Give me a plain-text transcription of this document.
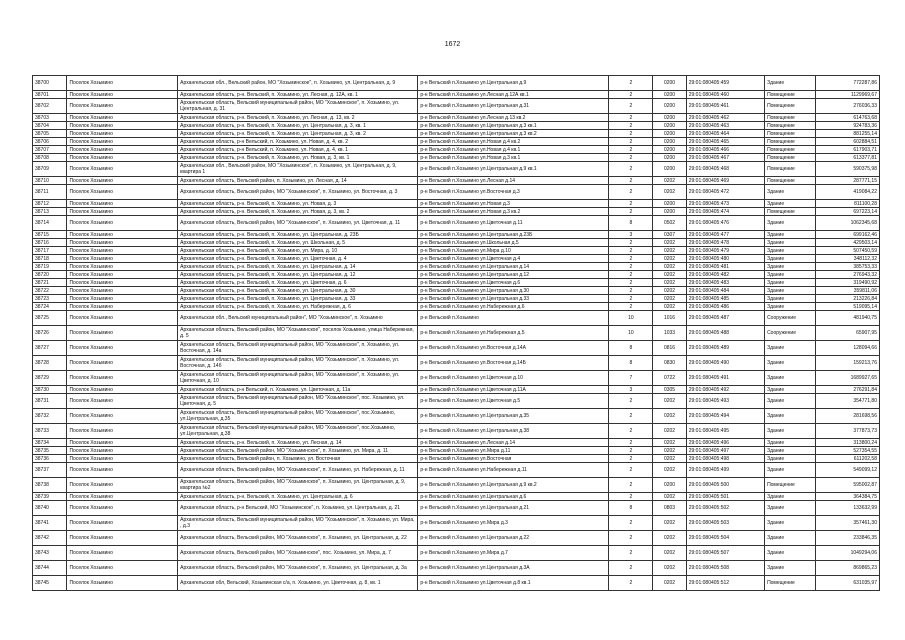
1672
38700	Поселок Хозьмино	Архангельская обл., Вельский район, МО "Хозьминское", п. Хозьмино, ул. Центральная, д. 9	р-н Вельский п.Хозьмино ул.Центральная д.9	2	0200	29:01:080405:459	Здание	772287,86
38701	Поселок Хозьмино	Архангельская область, р-н. Вельский, п. Хозьмино, ул. Лесная, д. 12А, кв. 1	р-н Вельский п.Хозьмино ул.Лесная д.12А кв.1	2	0200	29:01:080405:460	Помещение	1129969,67
38702	Поселок Хозьмино	Архангельская область, Вельский муниципальный район, МО "Хозьминское", п. Хозьмино, ул. Центральная, д. 31	р-н Вельский п.Хозьмино ул.Центральная д.31	2	0200	29:01:080405:461	Помещение	276036,33
38703	Поселок Хозьмино	Архангельская область, р-н. Вельский, п. Хозьмино, ул. Лесная, д. 13, кв. 2	р-н Вельский п.Хозьмино ул.Лесная д.13 кв.2	2	0200	29:01:080405:462	Помещение	614763,68
38704	Поселок Хозьмино	Архангельская область, р-н. Вельский, п. Хозьмино, ул. Центральная, д. 3, кв. 1	р-н Вельский п.Хозьмино ул.Центральная д.3 кв.1	2	0200	29:01:080405:463	Помещение	924783,36
38705	Поселок Хозьмино	Архангельская область, р-н. Вельский, п. Хозьмино, ул. Центральная, д. 3, кв. 2	р-н Вельский п.Хозьмино ул.Центральная д.3 кв.2	2	0200	29:01:080405:464	Помещение	881255,14
38706	Поселок Хозьмино	Архангельская область, р-н Вельский, п. Хозьмино, ул. Новая, д. 4, кв. 2	р-н Вельский п.Хозьмино ул.Новая д.4 кв.2	2	0200	29:01:080405:465	Помещение	602884,51
38707	Поселок Хозьмино	Архангельская область, р-н Вельский, п. Хозьмино, ул. Новая, д. 4, кв. 1	р-н Вельский п.Хозьмино ул.Новая д.4 кв.1	2	0200	29:01:080405:466	Помещение	617903,71
38708	Поселок Хозьмино	Архангельская область, р-н. Вельский, п. Хозьмино, ул. Новая, д. 3, кв. 1	р-н Вельский п.Хозьмино ул.Новая д.3 кв.1	2	0200	29:01:080405:467	Помещение	613377,81
38709	Поселок Хозьмино	Архангельская обл., Вельский район, МО "Хозьминское", п. Хозьмино, ул. Центральная, д. 9, квартира 1	р-н Вельский п.Хозьмино ул.Центральная д.9 кв.1	2	0200	29:01:080405:468	Помещение	590375,98
38710	Поселок Хозьмино	Архангельская область, Вельский район, п. Хозьмино, ул. Лесная, д. 14	р-н Вельский п.Хозьмино ул.Лесная д.14	2	0202	29:01:080405:469	Помещение	287771,15
38711	Поселок Хозьмино	Архангельская область, Вельский район, МО "Хозьминское", п. Хозьмино, ул. Восточная, д. 3	р-н Вельский п.Хозьмино ул.Восточная д.3	2	0202	29:01:080405:472	Здание	419084,22
38712	Поселок Хозьмино	Архангельская область, р-н. Вельский, п. Хозьмино, ул. Новая, д. 3	р-н Вельский п.Хозьмино ул.Новая д.3	2	0200	29:01:080405:473	Здание	811100,28
38713	Поселок Хозьмино	Архангельская область, р-н. Вельский, п. Хозьмино, ул. Новая, д. 3, кв. 2	р-н Вельский п.Хозьмино ул.Новая д.3 кв.2	2	0200	29:01:080405:474	Помещение	697223,14
38714	Поселок Хозьмино	Архангельская область, Вельский район, МО "Хозьминское", п. Хозьмино, ул. Цветочная, д. 11	р-н Вельский п.Хозьмино ул.Цветочная д.11	8	0502	29:01:080405:476	Здание	1062345,68
38715	Поселок Хозьмино	Архангельская область, р-н. Вельский, п. Хозьмино, ул. Центральная, д. 23Б	р-н Вельский п.Хозьмино ул.Центральная д.23Б	3	0307	29:01:080405:477	Здание	699162,46
38716	Поселок Хозьмино	Архангельская область, р-н. Вельский, п. Хозьмино, ул. Школьная, д. 5	р-н Вельский п.Хозьмино ул.Школьная д.5	2	0202	29:01:080405:478	Здание	429503,14
38717	Поселок Хозьмино	Архангельская область, р-н. Вельский, п. Хозьмино, ул. Мира, д. 10	р-н Вельский п.Хозьмино ул.Мира д.10	2	0202	29:01:080405:479	Здание	507450,59
38718	Поселок Хозьмино	Архангельская область, р-н. Вельский, п. Хозьмино, ул. Цветочная, д. 4	р-н Вельский п.Хозьмино ул.Цветочная д.4	2	0202	29:01:080405:480	Здание	348112,32
38719	Поселок Хозьмино	Архангельская область, р-н. Вельский, п. Хозьмино, ул. Центральная, д. 14	р-н Вельский п.Хозьмино ул.Центральная д.14	2	0202	29:01:080405:481	Здание	385753,33
38720	Поселок Хозьмино	Архангельская область, р-н. Вельский, п. Хозьмино, ул. Центральная, д. 12	р-н Вельский п.Хозьмино ул.Центральная д.12	2	0202	29:01:080405:482	Здание	276943,32
38721	Поселок Хозьмино	Архангельская область, р-н. Вельский, п. Хозьмино, ул. Цветочная, д. 6	р-н Вельский п.Хозьмино ул.Цветочная д.6	2	0202	29:01:080405:483	Здание	319490,92
38722	Поселок Хозьмино	Архангельская область, р-н. Вельский, п. Хозьмино, ул. Центральная, д. 30	р-н Вельский п.Хозьмино ул.Центральная д.30	2	0202	29:01:080405:484	Здание	359811,06
38723	Поселок Хозьмино	Архангельская область, р-н. Вельский, п. Хозьмино, ул. Центральная, д. 33	р-н Вельский п.Хозьмино ул.Центральная д.33	2	0202	29:01:080405:485	Здание	213226,84
38724	Поселок Хозьмино	Архангельская область, р-н. Вельский, п. Хозьмино, ул. Набережная, д. 6	р-н Вельский п.Хозьмино ул.Набережная д.6	2	0202	29:01:080405:486	Здание	519095,14
38725	Поселок Хозьмино	Архангельская обл., Вельский муниципальный район", МО "Хозьминское", п. Хозьмино	р-н Вельский п.Хозьмино	10	1016	29:01:080405:487	Сооружение	481940,75
38726	Поселок Хозьмино	Архангельская область, Вельский район, МО "Хозьминское", поселок Хозьмино, улица Набережная, д. 5	р-н Вельский п.Хозьмино ул.Набережная д.5	10	1033	29:01:080405:488	Сооружение	65907,95
38727	Поселок Хозьмино	Архангельская область, Вельский муниципальный район, МО "Хозьминское", п. Хозьмино, ул. Восточная, д. 14а	р-н Вельский п.Хозьмино ул.Восточная д.14А	8	0816	29:01:080405:489	Здание	128094,66
38728	Поселок Хозьмино	Архангельская область, Вельский муниципальный район, МО "Хозьминское", п. Хозьмино, ул. Восточная, д. 14б	р-н Вельский п.Хозьмино ул.Восточная д.14Б	8	0830	29:01:080405:490	Здание	159213,76
38729	Поселок Хозьмино	Архангельская область, Вельский муниципальный район, МО "Хозьминское", п. Хозьмино, ул. Цветочная, д. 10	р-н Вельский п.Хозьмино ул.Цветочная д.10	7	0722	29:01:080405:491	Здание	1689927,65
38730	Поселок Хозьмино	Архангельская область, р-н Вельский, п. Хозьмино, ул. Цветочная, д. 11а	р-н Вельский п.Хозьмино ул.Цветочная д.11А	3	0305	29:01:080405:492	Здание	276291,84
38731	Поселок Хозьмино	Архангельская область, Вельский муниципальный район, МО "Хозьминское", пос. Хозьмино, ул. Цветочная, д. 5	р-н Вельский п.Хозьмино ул.Цветочная д.5	2	0202	29:01:080405:493	Здание	354771,80
38732	Поселок Хозьмино	Архангельская область, Вельский муниципальный район, МО "Хозьминское", пос.Хозьмино, ул.Центральная, д.35	р-н Вельский п.Хозьмино ул.Центральная д.35	2	0202	29:01:080405:494	Здание	281698,56
38733	Поселок Хозьмино	Архангельская область, Вельский муниципальный район, МО "Хозьминское", пос.Хозьмино, ул.Центральная, д.38	р-н Вельский п.Хозьмино ул.Центральная д.38	2	0202	29:01:080405:495	Здание	377873,73
38734	Поселок Хозьмино	Архангельская область, р-н. Вельский, п. Хозьмино, ул. Лесная, д. 14	р-н Вельский п.Хозьмино ул.Лесная д.14	2	0202	29:01:080405:496	Здание	313800,24
38735	Поселок Хозьмино	Архангельская область, Вельский район, МО "Хозьминское", п. Хозьмино, ул. Мира, д. 11	р-н Вельский п.Хозьмино ул.Мира д.11	2	0202	29:01:080405:497	Здание	527354,55
38736	Поселок Хозьмино	Архангельская область, Вельский район, п. Хозьмино, ул. Восточная	р-н Вельский п.Хозьмино ул.Восточная	2	0202	29:01:080405:498	Здание	611202,58
38737	Поселок Хозьмино	Архангельская область, Вельский район, МО "Хозьминское", п. Хозьмино, ул. Набережная, д. 11	р-н Вельский п.Хозьмино ул.Набережная д.11	2	0202	29:01:080405:499	Здание	549099,12
38738	Поселок Хозьмино	Архангельская область, Вельский район, МО "Хозьминское", п. Хозьмино, ул. Центральная, д. 9, квартира №2	р-н Вельский п.Хозьмино ул.Центральная д.9 кв.2	2	0200	29:01:080405:500	Помещение	595002,87
38739	Поселок Хозьмино	Архангельская область, р-н. Вельский, п. Хозьмино, ул. Центральная, д. 6	р-н Вельский п.Хозьмино ул.Центральная д.6	2	0202	29:01:080405:501	Здание	364384,75
38740	Поселок Хозьмино	Архангельская область, р-н Вельский, МО "Хозьминское", п. Хозьмино, ул. Центральная, д. 21	р-н Вельский п.Хозьмино ул.Центральная д.21	8	0803	29:01:080405:502	Здание	133632,99
38741	Поселок Хозьмино	Архангельская область, Вельский муниципальный район, МО "Хозьминское", п. Хозьмино, ул. Мира, , д.3	р-н Вельский п.Хозьмино ул.Мира д.3	2	0202	29:01:080405:503	Здание	357461,30
38742	Поселок Хозьмино	Архангельская область, Вельский район, МО "Хозьминское", п. Хозьмино, ул. Центральная, д. 22	р-н Вельский п.Хозьмино ул.Центральная д.22	2	0202	29:01:080405:504	Здание	233846,35
38743	Поселок Хозьмино	Архангельская область, Вельский район, МО "Хозьминское", пос. Хозьмино, ул. Мира, д. 7	р-н Вельский п.Хозьмино ул.Мира д.7	2	0202	29:01:080405:507	Здание	1049294,06
38744	Поселок Хозьмино	Архангельская область, Вельский район, МО "Хозьминское", п. Хозьмино, ул. Центральная, д. 3а	р-н Вельский п.Хозьмино ул.Центральная д.3А	2	0202	29:01:080405:508	Здание	869865,23
38745	Поселок Хозьмино	Архангельская обл, Вельский, Хозьминская с/а, п. Хозьмино, ул. Цветочная, д. 8, кв. 1	р-н Вельский п.Хозьмино ул.Цветочная д.8 кв.1	2	0202	29:01:080405:512	Помещение	631035,97
